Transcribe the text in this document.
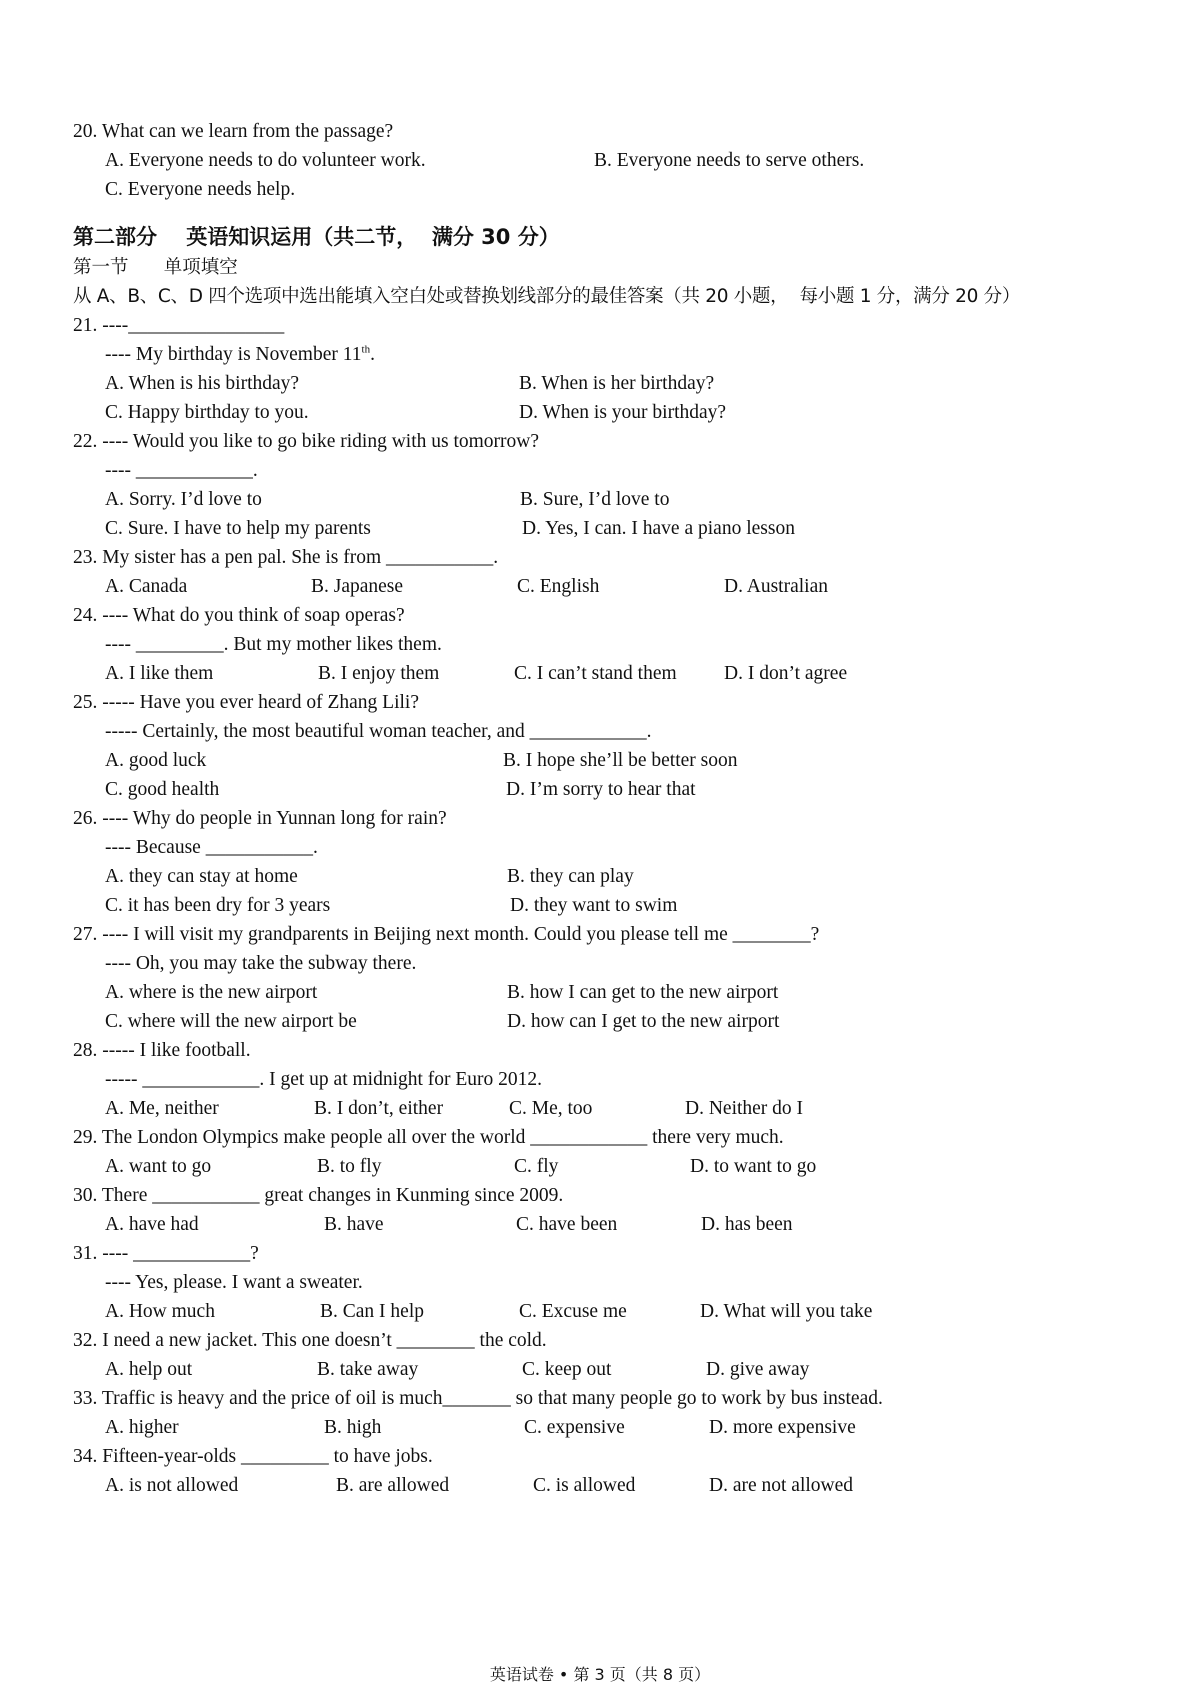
20. What can we learn from the passage?
A. Everyone needs to do volunteer work.	B. Everyone needs to serve others.
C. Everyone needs help.
第二部分    英语知识运用（共二节，  满分 30 分）
第一节      单项填空
从 A、B、C、D 四个选项中选出能填入空白处或替换划线部分的最佳答案（共 20 小题，  每小题 1 分，满分 20 分）
21. ----________________
---- My birthday is November 11th.
A. When is his birthday?	B. When is her birthday?
C. Happy birthday to you.	D. When is your birthday?
22. ---- Would you like to go bike riding with us tomorrow?
---- ____________.
A. Sorry. I’d love to	B. Sure, I’d love to
C. Sure. I have to help my parents	D. Yes, I can. I have a piano lesson
23. My sister has a pen pal. She is from ___________.
A. Canada	B. Japanese	C. English	D. Australian
24. ---- What do you think of soap operas?
---- _________. But my mother likes them.
A. I like them	B. I enjoy them	C. I can’t stand them D. I don’t agree
25. ----- Have you ever heard of Zhang Lili?
----- Certainly, the most beautiful woman teacher, and ____________.
A. good luck	B. I hope she’ll be better soon
C. good health	D. I’m sorry to hear that
26. ---- Why do people in Yunnan long for rain?
---- Because ___________.
A. they can stay at home	B. they can play
C. it has been dry for 3 years	D. they want to swim
27. ---- I will visit my grandparents in Beijing next month. Could you please tell me ________?
---- Oh, you may take the subway there.
A. where is the new airport	B. how I can get to the new airport
C. where will the new airport be	D. how can I get to the new airport
28. ----- I like football.
----- ____________. I get up at midnight for Euro 2012.
A. Me, neither	B. I don’t, either	C. Me, too	D. Neither do I
29. The London Olympics make people all over the world ____________ there very much.
A. want to go	B. to fly	C. fly	D. to want to go
30. There ___________ great changes in Kunming since 2009.
A. have had	B. have	C. have been	D. has been
31. ---- ____________?
---- Yes, please. I want a sweater.
A. How much	B. Can I help	C. Excuse me	D. What will you take
32. I need a new jacket. This one doesn’t ________ the cold.
A. help out	B. take away	C. keep out	D. give away
33. Traffic is heavy and the price of oil is much_______ so that many people go to work by bus instead.
A. higher	B. high	C. expensive	D. more expensive
34. Fifteen-year-olds _________ to have jobs.
A. is not allowed	B. are allowed	C. is allowed	D. are not allowed
英语试卷 • 第 3 页（共 8 页）
